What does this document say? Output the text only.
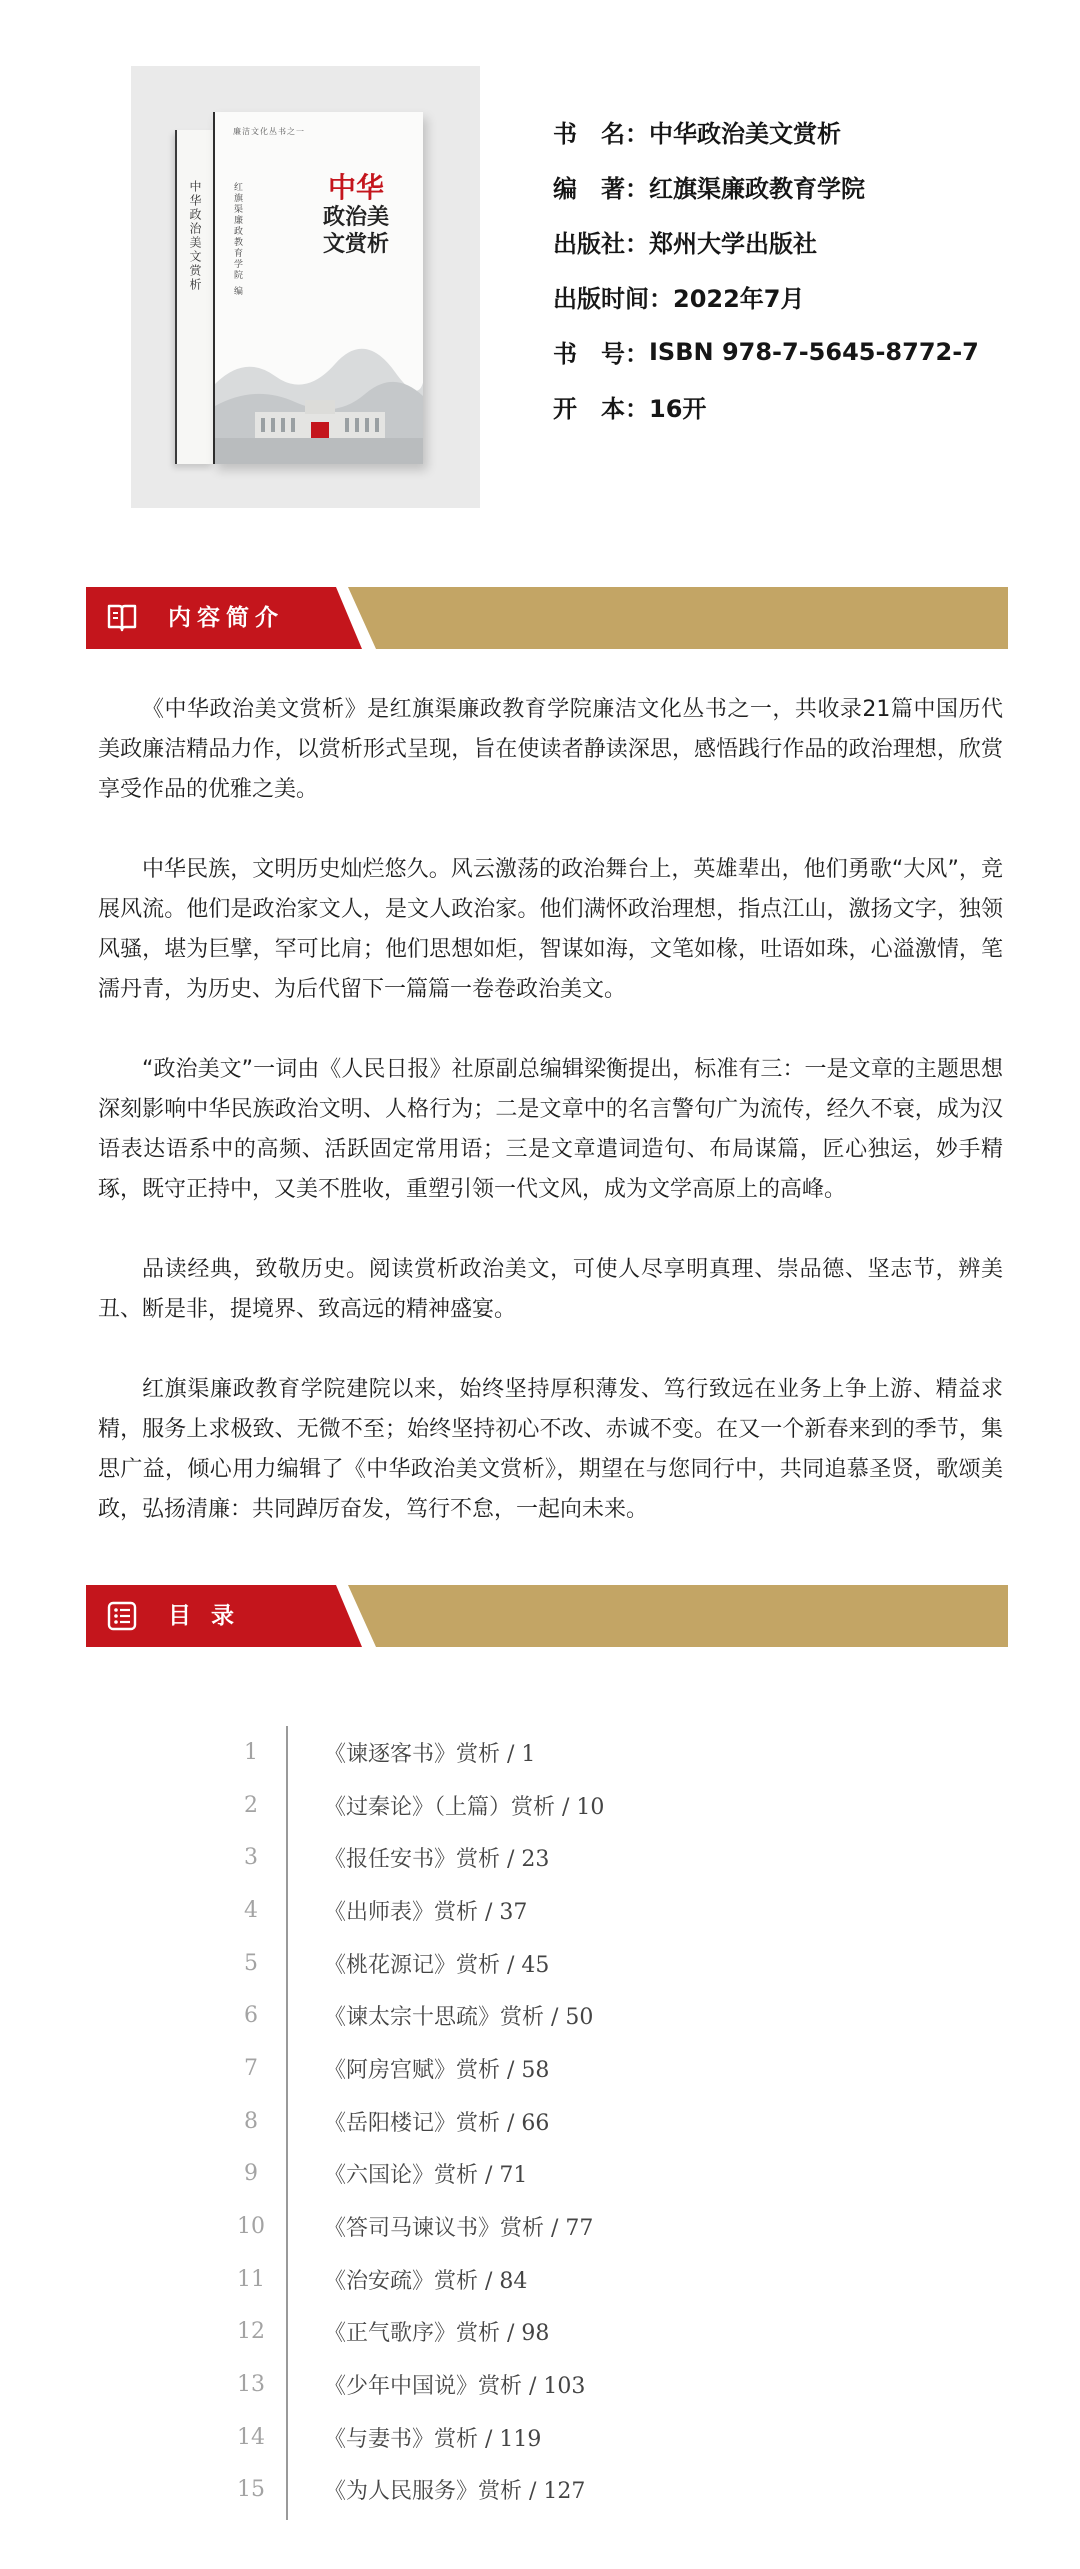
中华政治美文赏析
廉洁文化丛书之一
红旗渠廉政教育学院 编	中华
政治美文赏析
书　名： 中华政治美文赏析
编　著： 红旗渠廉政教育学院
出版社： 郑州大学出版社
出版时间： 2022年7月
书　号： ISBN 978-7-5645-8772-7
开　本： 16开
内容简介

《中华政治美文赏析》是红旗渠廉政教育学院廉洁文化丛书之一，共收录21篇中国历代美政廉洁精品力作，以赏析形式呈现，旨在使读者静读深思，感悟践行作品的政治理想，欣赏享受作品的优雅之美。

中华民族，文明历史灿烂悠久。风云激荡的政治舞台上，英雄辈出，他们勇歌“大风”，竞展风流。他们是政治家文人，是文人政治家。他们满怀政治理想，指点江山，激扬文字，独领风骚，堪为巨擘，罕可比肩；他们思想如炬，智谋如海，文笔如椽，吐语如珠，心溢激情，笔濡丹青，为历史、为后代留下一篇篇一卷卷政治美文。

“政治美文”一词由《人民日报》社原副总编辑梁衡提出，标准有三：一是文章的主题思想深刻影响中华民族政治文明、人格行为；二是文章中的名言警句广为流传，经久不衰，成为汉语表达语系中的高频、活跃固定常用语；三是文章遣词造句、布局谋篇，匠心独运，妙手精琢，既守正持中，又美不胜收，重塑引领一代文风，成为文学高原上的高峰。

品读经典，致敬历史。阅读赏析政治美文，可使人尽享明真理、崇品德、坚志节，辨美丑、断是非，提境界、致高远的精神盛宴。

红旗渠廉政教育学院建院以来，始终坚持厚积薄发、笃行致远在业务上争上游、精益求精，服务上求极致、无微不至；始终坚持初心不改、赤诚不变。在又一个新春来到的季节，集思广益，倾心用力编辑了《中华政治美文赏析》，期望在与您同行中，共同追慕圣贤，歌颂美政，弘扬清廉：共同踔厉奋发，笃行不怠，一起向未来。

目 录
1	《谏逐客书》赏析 / 1
2	《过秦论》（上篇）赏析 / 10
3	《报任安书》赏析 / 23
4	《出师表》赏析 / 37
5	《桃花源记》赏析 / 45
6	《谏太宗十思疏》赏析 / 50
7	《阿房宫赋》赏析 / 58
8	《岳阳楼记》赏析 / 66
9	《六国论》赏析 / 71
10	《答司马谏议书》赏析 / 77
11	《治安疏》赏析 / 84
12	《正气歌序》赏析 / 98
13	《少年中国说》赏析 / 103
14	《与妻书》赏析 / 119
15	《为人民服务》赏析 / 127
